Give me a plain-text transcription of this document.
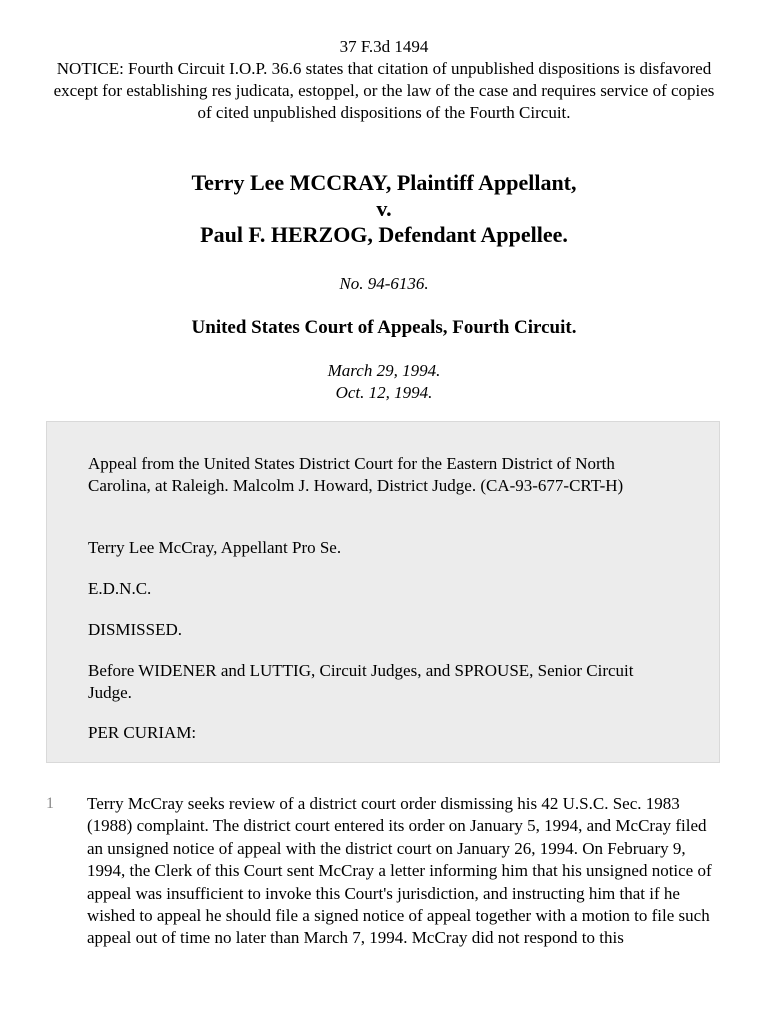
37 F.3d 1494
NOTICE: Fourth Circuit I.O.P. 36.6 states that citation of unpublished dispositions is disfavored except for establishing res judicata, estoppel, or the law of the case and requires service of copies of cited unpublished dispositions of the Fourth Circuit.
Terry Lee MCCRAY, Plaintiff Appellant,
v.
Paul F. HERZOG, Defendant Appellee.
No. 94-6136.
United States Court of Appeals, Fourth Circuit.
March 29, 1994.
Oct. 12, 1994.

Appeal from the United States District Court for the Eastern District of North Carolina, at Raleigh. Malcolm J. Howard, District Judge. (CA-93-677-CRT-H)

Terry Lee McCray, Appellant Pro Se.

E.D.N.C.

DISMISSED.

Before WIDENER and LUTTIG, Circuit Judges, and SPROUSE, Senior Circuit Judge.

PER CURIAM:

1 Terry McCray seeks review of a district court order dismissing his 42 U.S.C. Sec. 1983 (1988) complaint. The district court entered its order on January 5, 1994, and McCray filed an unsigned notice of appeal with the district court on January 26, 1994. On February 9, 1994, the Clerk of this Court sent McCray a letter informing him that his unsigned notice of appeal was insufficient to invoke this Court's jurisdiction, and instructing him that if he wished to appeal he should file a signed notice of appeal together with a motion to file such appeal out of time no later than March 7, 1994. McCray did not respond to this
